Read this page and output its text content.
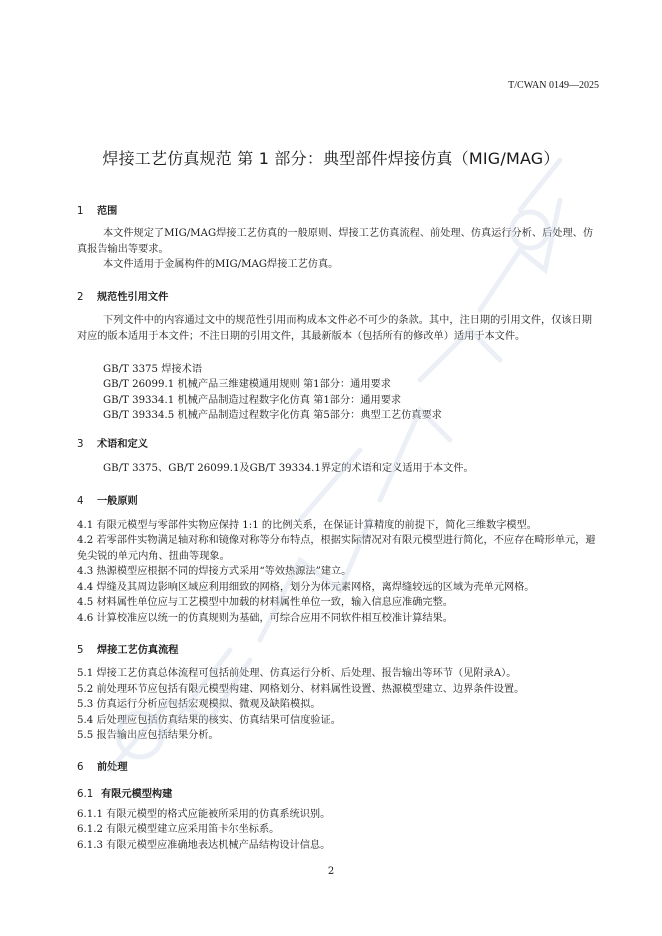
T/CWAN 0149—2025
焊接工艺仿真规范 第 1 部分：典型部件焊接仿真（MIG/MAG）
1 范围
本文件规定了MIG/MAG焊接工艺仿真的一般原则、焊接工艺仿真流程、前处理、仿真运行分析、后处理、仿真报告输出等要求。
本文件适用于金属构件的MIG/MAG焊接工艺仿真。
2 规范性引用文件
下列文件中的内容通过文中的规范性引用而构成本文件必不可少的条款。其中，注日期的引用文件，仅该日期对应的版本适用于本文件；不注日期的引用文件，其最新版本（包括所有的修改单）适用于本文件。
GB/T 3375 焊接术语
GB/T 26099.1 机械产品三维建模通用规则 第1部分：通用要求
GB/T 39334.1 机械产品制造过程数字化仿真 第1部分：通用要求
GB/T 39334.5 机械产品制造过程数字化仿真 第5部分：典型工艺仿真要求
3 术语和定义
GB/T 3375、GB/T 26099.1及GB/T 39334.1界定的术语和定义适用于本文件。
4 一般原则
4.1 有限元模型与零部件实物应保持 1:1 的比例关系，在保证计算精度的前提下，简化三维数字模型。
4.2 若零部件实物满足轴对称和镜像对称等分布特点，根据实际情况对有限元模型进行简化，不应存在畸形单元，避免尖锐的单元内角、扭曲等现象。
4.3 热源模型应根据不同的焊接方式采用“等效热源法”建立。
4.4 焊缝及其周边影响区域应利用细致的网格，划分为体元素网格，离焊缝较远的区域为壳单元网格。
4.5 材料属性单位应与工艺模型中加载的材料属性单位一致，输入信息应准确完整。
4.6 计算校准应以统一的仿真规则为基础，可综合应用不同软件相互校准计算结果。
5 焊接工艺仿真流程
5.1 焊接工艺仿真总体流程可包括前处理、仿真运行分析、后处理、报告输出等环节（见附录A）。
5.2 前处理环节应包括有限元模型构建、网格划分、材料属性设置、热源模型建立、边界条件设置。
5.3 仿真运行分析应包括宏观模拟、微观及缺陷模拟。
5.4 后处理应包括仿真结果的核实、仿真结果可信度验证。
5.5 报告输出应包括结果分析。
6 前处理
6.1 有限元模型构建
6.1.1 有限元模型的格式应能被所采用的仿真系统识别。
6.1.2 有限元模型建立应采用笛卡尔坐标系。
6.1.3 有限元模型应准确地表达机械产品结构设计信息。
2
